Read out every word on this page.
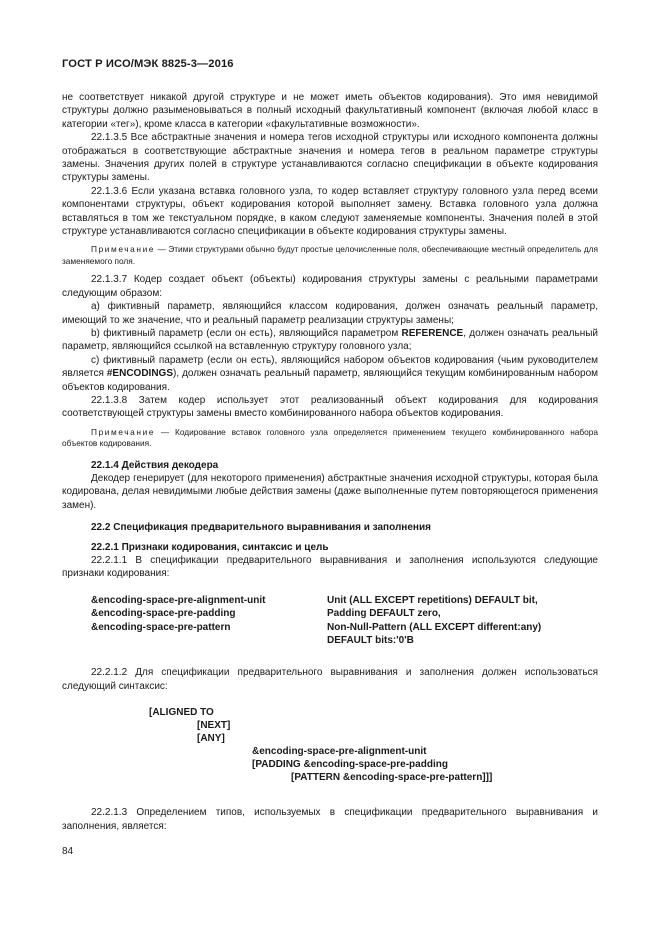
ГОСТ Р ИСО/МЭК 8825-3—2016

не соответствует никакой другой структуре и не может иметь объектов кодирования). Это имя невидимой структуры должно разыменовываться в полный исходный факультативный компонент (включая любой класс в категории «тег»), кроме класса в категории «факультативные возможности».

22.1.3.5 Все абстрактные значения и номера тегов исходной структуры или исходного компонента должны отображаться в соответствующие абстрактные значения и номера тегов в реальном параметре структуры замены. Значения других полей в структуре устанавливаются согласно спецификации в объекте кодирования структуры замены.

22.1.3.6 Если указана вставка головного узла, то кодер вставляет структуру головного узла перед всеми компонентами структуры, объект кодирования которой выполняет замену. Вставка головного узла должна вставляться в том же текстуальном порядке, в каком следуют заменяемые компоненты. Значения полей в этой структуре устанавливаются согласно спецификации в объекте кодирования структуры замены.

Примечание — Этими структурами обычно будут простые целочисленные поля, обеспечивающие местный определитель для заменяемого поля.

22.1.3.7 Кодер создает объект (объекты) кодирования структуры замены с реальными параметрами следующим образом:

a) фиктивный параметр, являющийся классом кодирования, должен означать реальный параметр, имеющий то же значение, что и реальный параметр реализации структуры замены;

b) фиктивный параметр (если он есть), являющийся параметром REFERENCE, должен означать реальный параметр, являющийся ссылкой на вставленную структуру головного узла;

c) фиктивный параметр (если он есть), являющийся набором объектов кодирования (чьим руководителем является #ENCODINGS), должен означать реальный параметр, являющийся текущим комбинированным набором объектов кодирования.

22.1.3.8 Затем кодер использует этот реализованный объект кодирования для кодирования соответствующей структуры замены вместо комбинированного набора объектов кодирования.

Примечание — Кодирование вставок головного узла определяется применением текущего комбинированного набора объектов кодирования.

22.1.4 Действия декодера

Декодер генерирует (для некоторого применения) абстрактные значения исходной структуры, которая была кодирована, делая невидимыми любые действия замены (даже выполненные путем повторяющегося применения замен).

22.2 Спецификация предварительного выравнивания и заполнения

22.2.1 Признаки кодирования, синтаксис и цель

22.2.1.1 В спецификации предварительного выравнивания и заполнения используются следующие признаки кодирования:

&encoding-space-pre-alignment-unit	Unit (ALL EXCEPT repetitions) DEFAULT bit,
&encoding-space-pre-padding	Padding DEFAULT zero,
&encoding-space-pre-pattern	Non-Null-Pattern (ALL EXCEPT different:any)
DEFAULT bits:'0'B

22.2.1.2 Для спецификации предварительного выравнивания и заполнения должен использоваться следующий синтаксис:

[ALIGNED TO
[NEXT]
[ANY]
&encoding-space-pre-alignment-unit
[PADDING &encoding-space-pre-padding
[PATTERN &encoding-space-pre-pattern]]]

22.2.1.3 Определением типов, используемых в спецификации предварительного выравнивания и заполнения, является:

84
